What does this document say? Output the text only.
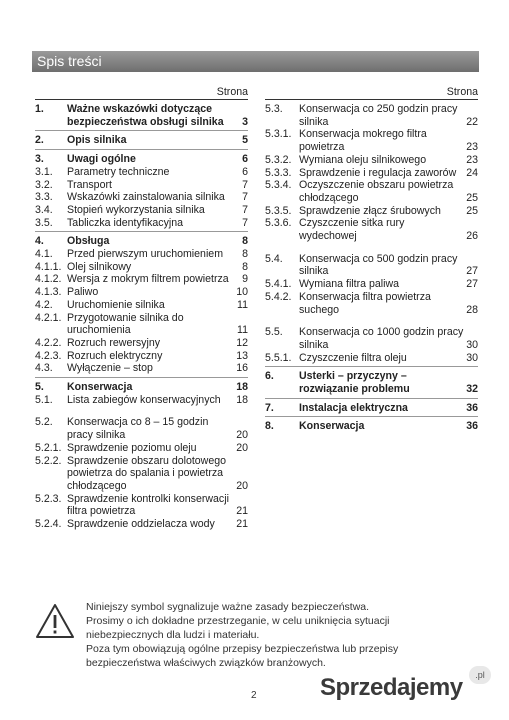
Spis treści
Strona
1.	Ważne wskazówki dotyczące bezpieczeństwa obsługi silnika	3
2.	Opis silnika	5
3.	Uwagi ogólne	6
3.1.	Parametry techniczne	6
3.2.	Transport	7
3.3.	Wskazówki zainstalowania silnika	7
3.4.	Stopień wykorzystania silnika	7
3.5.	Tabliczka identyfikacyjna	7
4.	Obsługa	8
4.1.	Przed pierwszym uruchomieniem	8
4.1.1. Olej silnikowy	8
4.1.2. Wersja z mokrym filtrem powietrza	9
4.1.3. Paliwo	10
4.2.	Uruchomienie silnika	11
4.2.1. Przygotowanie silnika do uruchomienia	11
4.2.2. Rozruch rewersyjny	12
4.2.3. Rozruch elektryczny	13
4.3.	Wyłączenie – stop	16
5.	Konserwacja	18
5.1.	Lista zabiegów konserwacyjnych	18
5.2.	Konserwacja co 8 – 15 godzin pracy silnika	20
5.2.1. Sprawdzenie poziomu oleju	20
5.2.2. Sprawdzenie obszaru dolotowego powietrza do spalania i powietrza chłodzącego	20
5.2.3. Sprawdzenie kontrolki konserwacji filtra powietrza	21
5.2.4. Sprawdzenie oddzielacza wody	21
Strona
5.3.	Konserwacja co 250 godzin pracy silnika	22
5.3.1. Konserwacja mokrego filtra powietrza	23
5.3.2. Wymiana oleju silnikowego	23
5.3.3. Sprawdzenie i regulacja zaworów 24
5.3.4. Oczyszczenie obszaru powietrza chłodzącego	25
5.3.5. Sprawdzenie złącz śrubowych	25
5.3.6. Czyszczenie sitka rury wydechowej	26
5.4.	Konserwacja co 500 godzin pracy silnika	27
5.4.1. Wymiana filtra paliwa	27
5.4.2. Konserwacja filtra powietrza suchego	28
5.5.	Konserwacja co 1000 godzin pracy silnika	30
5.5.1. Czyszczenie filtra oleju	30
6.	Usterki – przyczyny – rozwiązanie problemu	32
7.	Instalacja elektryczna	36
8.	Konserwacja	36
Niniejszy symbol sygnalizuje ważne zasady bezpieczeństwa.
Prosimy o ich dokładne przestrzeganie, w celu uniknięcia sytuacji
niebezpiecznych dla ludzi i materiału.
Poza tym obowiązują ogólne przepisy bezpieczeństwa lub przepisy
bezpieczeństwa właściwych związków branżowych.
2	Sprzedajemy	.pl
